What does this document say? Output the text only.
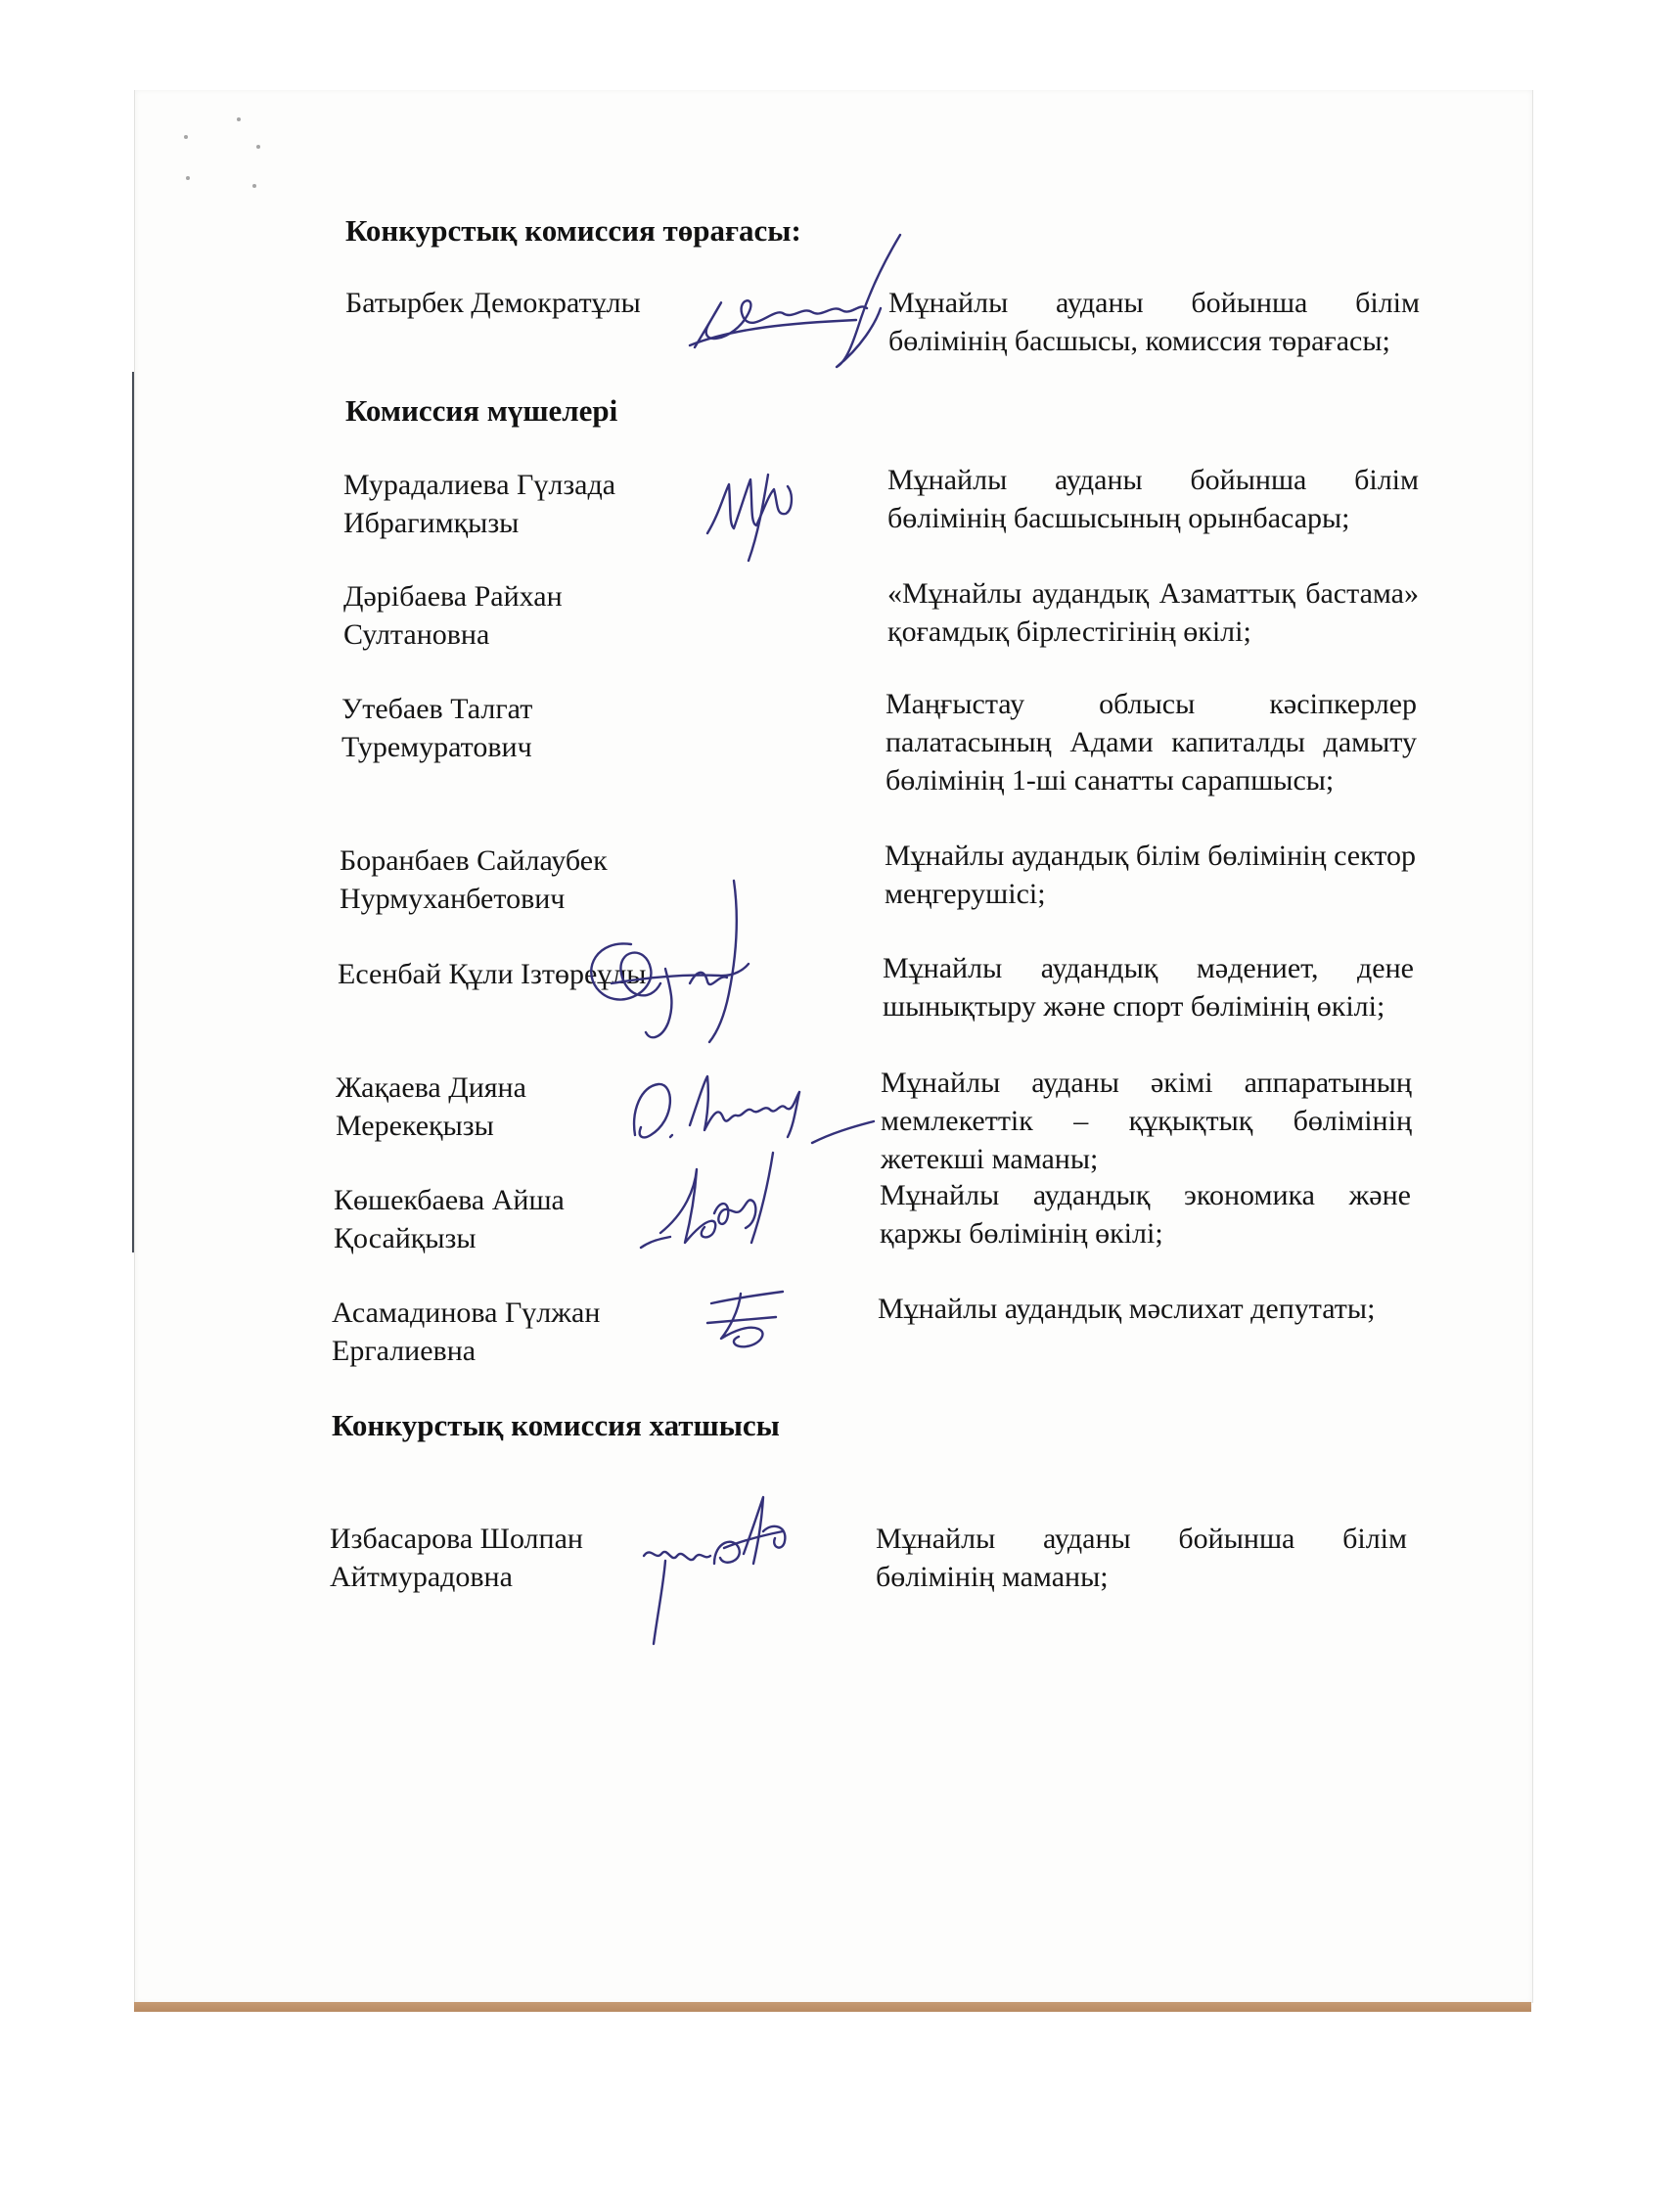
Конкурстық комиссия төрағасы:
Батырбек Демократұлы	Мұнайлы ауданы бойынша білім бөлімінің басшысы, комиссия төрағасы;
Комиссия мүшелері
Мурадалиева Гүлзада Ибрагимқызы
Мұнайлы ауданы бойынша білім бөлімінің басшысының орынбасары;
Дәрібаева Райхан Султановна
«Мұнайлы аудандық Азаматтық бастама» қоғамдық бірлестігінің өкілі;
Утебаев Талгат Туремуратович
Маңғыстау облысы кәсіпкерлер палатасының Адами капиталды дамыту бөлімінің 1-ші санатты сарапшысы;
Боранбаев Сайлаубек Нурмуханбетович
Мұнайлы аудандық білім бөлімінің сектор меңгерушісі;
Есенбай Құли Ізтөреұлы	Мұнайлы аудандық мәдениет, дене шынықтыру және спорт бөлімінің өкілі;
Жақаева Дияна Мерекеқызы
Мұнайлы ауданы әкімі аппаратының мемлекеттік – құқықтық бөлімінің жетекші маманы;
Көшекбаева Айша Қосайқызы
Мұнайлы аудандық экономика және қаржы бөлімінің өкілі;
Асамадинова Гүлжан Ергалиевна
Мұнайлы аудандық мәслихат депутаты;
Конкурстық комиссия хатшысы
Избасарова Шолпан Айтмурадовна
Мұнайлы ауданы бойынша білім бөлімінің маманы;
